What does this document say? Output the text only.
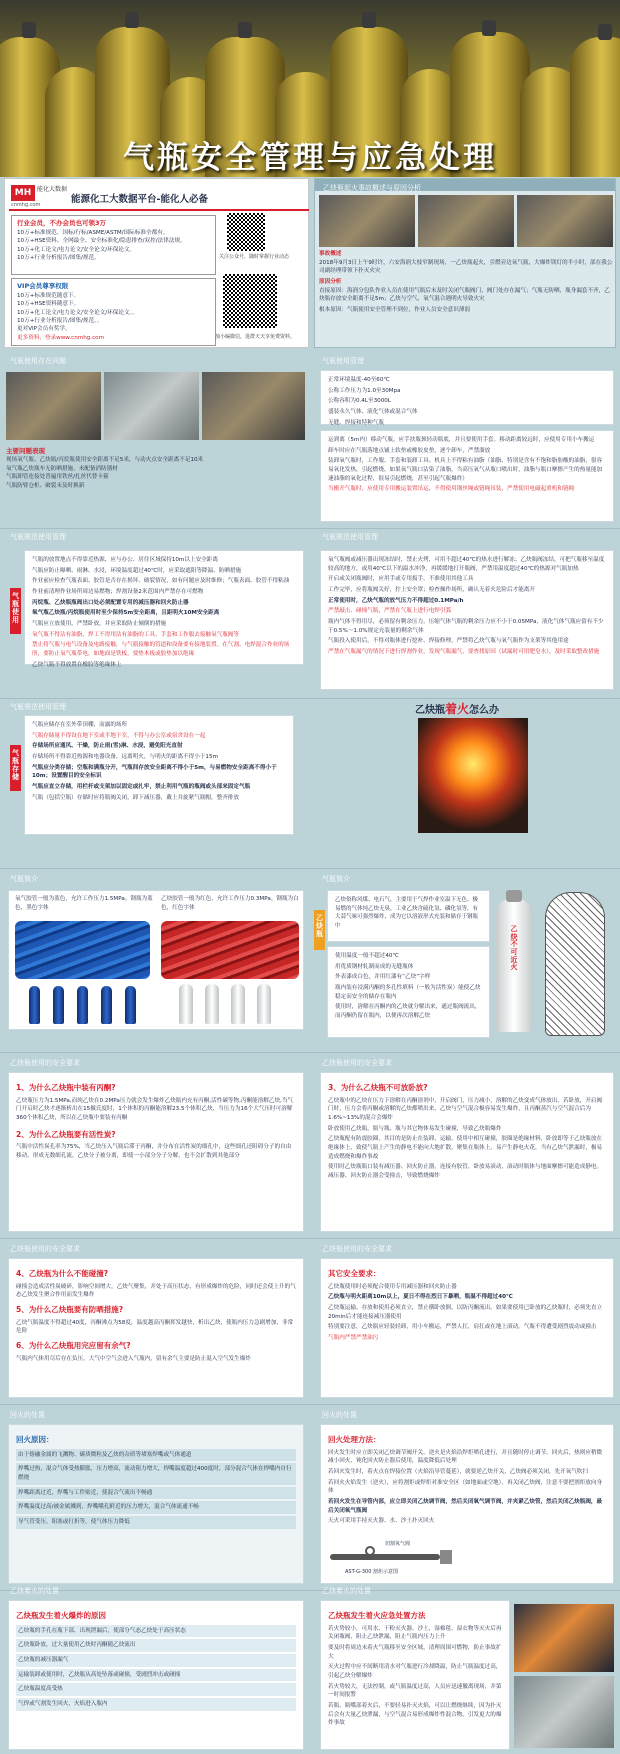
气瓶安全管理与应急处理
MH 能化大数据
cnmhg.com	能源化工大数据平台-能化人必备
行业会员，不办会员也可领3万
10万+标准规范、国标/行标/ASME/ASTM/国际标准全都有。
10万+HSE资料、全网最全、安全标准化/隐患排查/双控/法律法规。
10万+化工论文/电力论文/安全论文/环保论文。
10万+行业分析报告/图集/规范。
VIP会员尊享权限
10万+标准规范随意下。
10万+HSE资料随意下。
10万+化工论文/电力论文/安全论文/环保论文。。
10万+行业分析报告/图集/规范。。
更对VIP会员有奖学。
更多资料，登录www.cnmhg.com
关注公众号，随时掌握行业动态
加小编微信，进群天天享免费资料。
乙炔瓶起火事故概述与原因分析
事故概述
2018年9月3日上午9时许，六安海润大枝窄制现场，一乙炔瓶起火，引燃旁边氧气瓶，大爆炸镁灯的半小时，部在我公司副经理带领下扑灭火灾
原因分析
直接原因：海润分包队作业人员在使用气瓶后未及时关闭气瓶阀门，阀门处存在漏气；气瓶无防晒、瓶身漏套不齐，乙炔瓶存放安全距离不足5m；乙炔与空气、氧气混合遇明火导致火灾
根本原因：气瓶使用安全管理不到位，作业人员安全意识薄弱
气瓶使用存在问题
主要问题表现
现场氧气瓶、乙炔瓶/丙烷瓶使用安全距离不足5米，与动火点安全距离不足10米
氧气瓶乙炔瓶车无防晒措施、未配备消防器材
气瓶卸管连接处普遍用铁丝/扎丝代替卡箍
气瓶防臂仓柜、破裂未及时换新
气瓶使用管理

正常环境温度-40至60℃

公称工作压力为1.0至30Mpa

公称容积为0.4L至3000L

盛装永久气体、液化气体或混合气体

无缝、焊接和特种气瓶

运到离（5m内）移动气瓶，应手扶瓶颈轻动瓶底，并且要使用手套。移动距离较远时，应使用专用小车搬运

卸车时应在气瓶落地点铺上软垫或橡胶皮垫，逐个卸车，严禁溜放

装卸氧气瓶时，工作服、手套和装卸工具、机具上不得粘有油脂（油脂、特别是含有不饱和脂肪酸的油脂，很容易氧化发热，引起燃烧，如果氧气瓶口沾染了油脂，当高压氧气从瓶口喷出时，油脂与瓶口摩擦产生的热量能加速油脂的氧化过程，很易引起燃烧，甚至引起气瓶爆炸）

当搬开气瓶时，应使用专用搬运装置吊运，不得使用钢丝绳或链绳吊装，严禁使用电磁起重机和链绳

气瓶规范使用管理
气瓶使用

气瓶的放置地点不得靠近热源，应与办公、居住区域保持10m以上安全距离

气瓶应防止曝晒、雨淋、水浸，环境温度超过40℃时，应采取遮阳等降温、防晒措施

作业前应检查气瓶表面、胶管是否存在损坏、破裂情况，如有问题应及时维修；气瓶表面、胶管不得粘油

作业前清理作业场所周边易燃物；焊割设备2米范围内严禁存在可燃物

丙烷瓶、乙炔瓶瓶阀出口处必须配置专用的减压器和回火防止器

氧气瓶乙炔瓶/丙烷瓶使用时至少保持5m安全距离，且距明火10M安全距离

气瓶应立放使用，严禁卧放，并应采取防止倾倒的措施

氧气瓶不得沾有油脂，焊工不得用沾有油脂的工具、手套和工作服去接触氧气瓶阀等

禁止将气瓶与电气设备及电路接触，与气瓶接触的管道和设备要有接地装置。在气割、电焊混合作业的场所，要防止氧气瓶带电，如地面是铁板，要垫木板或胶垫加以绝缘

乙炔气瓶不得放置在橡胶等绝缘体上

气瓶规范使用管理

氧气瓶阀或减压器出现冻结时，禁止火烤，可用不超过40℃的热水进行解冻；乙炔瓶阀冻结，可把气瓶移至温度较高的地方，或用40℃以下的温水冲净，再缓缓地打开瓶阀，严禁用温度超过40℃的热源对气瓶加热

开启或关闭瓶阀时，应用手或专用扳手，不准使用其他工具

工作完毕，应将瓶阀关好，拧上安全罩；检查操作场所，确认无着火危险后才能离开

正常使用时，乙炔气瓶的放气压力不得超过0.1MPa/h

严禁敲击、碰撞气瓶，严禁在气瓶上进行电焊引弧

瓶内气体不得用尽，必须留有剩余压力。压缩气体气瓶的剩余压力应不小于0.05MPa，液化气体气瓶应留有不少于0.5%～1.0%规定充装量的剩余气体

气瓶投入使用后，不得对瓶体进行挖补、焊接修理，严禁将乙炔气瓶与氧气瓶作为支架等其他用途

严禁在气瓶漏气的情况下进行焊割作业，发现气瓶漏气，要查找原因（试漏时可用肥皂水），及时采取整改措施

气瓶规范使用管理
气瓶存储

气瓶应储存在室外带顶棚、而露的场所

气瓶存储量不得设在地下室或半地下室，不得与办公室或宿舍设在一起

存储场所应通风、干燥，防止雨(雪)淋、水浸，避免阳光直射

存储场所不得靠近热源和电器设备，远离明火，与明火的距离不得小于15m

气瓶应分类存储；空瓶和满瓶分开，气瓶间存放安全距离不得小于5m，与易燃物安全距离不得小于10m；设置醒目的安全标识

气瓶应直立存储，用栏杆或支架加以固定或扎牢，禁止利用气瓶的瓶阀或头部来固定气瓶

气瓶（包括空瓶）存储时应将瓶阀关闭，卸下减压器，戴上并旋紧气瓶帽，整齐排放

乙炔瓶着火怎么办
气瓶简介
氧气胶管一般为蓝色，允许工作压力1.5MPa。钢瓶为蓝色，黑色字体
乙炔胶管一般为红色，允许工作压力0.3MPa。钢瓶为白色，红色字体
气瓶简介
乙炔瓶
乙炔俗称风煤、电石气，主要用于气焊作业室温下无色、极易燃的气体纯乙炔无臭，工业乙炔含硫化氢、磷化氢等，有大蒜气味可强烈爆炸，成为它以溶液形式充装和储存于钢瓶中

使用温度一般不超过40℃

用优质钢材轧制而成的无缝瓶体

外表漆成白色，并用红漆有“乙炔”字样

瓶内装有浸满丙酮的多孔性填料（一般为活性炭）能使乙炔稳定而安全的储存在瓶内

使用时，溶解在丙酮内的乙炔就分解出来，通过瓶阀流出，而丙酮仍留在瓶内，以便再次溶解乙炔

乙炔 不可近火
乙炔瓶使用的安全要求
1、为什么乙炔瓶中装有丙酮?

乙炔瓶压力为1.5MPa,而纯乙炔在0.2MPa压力就会发生爆炸乙炔瓶内充有丙酮,活性碳等物,丙酮能溶解乙炔,当气门开启时乙炔才逐渐析出在15摄氏度时，1个体积的丙酮能溶解23.5个体积乙炔，当压力为16个大气压时可溶解360个体积乙炔，所以在乙炔瓶中要装有丙酮

2、为什么乙炔瓶要有活性炭?

气瓶中活性炭孔率为75%，当乙炔压入气瓶后滞于丙酮，并分布在活性炭的细孔中，这些细孔还阻碍分子的自由移动，形成无数细孔流，乙炔分子被分离，即使一小部分分子分解，也不会扩散到其他部分

乙炔瓶使用的安全要求
3、为什么乙炔瓶不可放卧放?

乙炔瓶中的乙炔在压力下溶解在丙酮溶剂中，开启阀门，压力减小，溶解的乙炔变成气体放出，若卧放，开启阀门时，压力会将丙酮或溶解的乙炔都喷出来，乙炔与空气混合极容易发生爆炸，且丙酮蒸汽与空气混合后为1.6%~13%的混合会爆炸

卧放使用乙炔瓶，瓶与瓶、瓶与其它物体易发生碰撞，导致乙炔瓶爆炸

乙炔瓶配有防震胶圈，其目的是防止在装卸、运输、使用中相互碰撞，胶圈是绝缘材料，卧放即等于乙炔瓶放在绝缘体上，致使气瓶上产生的静电不能向大地扩散，聚集在瓶体上，易产生静电火花，当有乙炔气泄漏时，极易造成燃烧和爆炸事故

使用时乙炔瓶瓶口装有减压器、回火防止器，连接有胶管，卧放易滚动，滚动时瓶体与地面摩擦可能造成静电。减压器、回火防止器会受撞击，导致燃烧爆炸

乙炔瓶使用的安全要求
4、乙炔瓶为什么不能碰撞?

碰撞会造成活性炭破碎，影响空间增大，乙炔气聚集，并处于高压状态，有形成爆炸的危险，同时还会使上升的气态乙炔发生聚合作用而发生爆炸

5、为什么乙炔瓶要有防晒措施?

乙炔气瓶温度不得超过40度，丙酮沸点为58度，温度越高丙酮挥发越快，析出乙炔，使瓶内压力急剧增加，非常危险

6、为什么乙炔瓶用完应留有余气?

气瓶内气体用尽后存在负压，大气中空气会进入气瓶内，留有余气主要是防止混入空气发生爆炸

乙炔瓶使用的安全要求
其它安全要求：

乙炔瓶使用时必须配合使用专用减压器和回火防止器

乙炔瓶与明火距离10m以上，夏日不得在烈日下暴晒，瓶温不得超过40℃

乙炔瓶运输、存放和使用必须直立，禁止横卧放倒，以防丙酮流出。如果要使用已卧放的乙炔瓶时，必须先直立20min后才能连接减压器使用

特别要注意，乙炔瓶应轻装轻卸，用小车搬运，严禁人扛，肩扛或在地上滚动。气瓶不得遭受剧烈震动或撞击

气瓶内严禁严禁油污

回火的处置
回火原因：

由于熔融金属的飞溅物、碳质微粒及乙炔的杂质等堵塞焊嘴或气体通道

焊嘴过热，混合气体受热膨胀，压力增高，流动阻力增大，焊嘴温度超过400度时，部分混合气体在焊嘴内自行燃烧

焊嘴距离过近，焊嘴与工件贴近，使混合气流出不畅通

焊嘴温度过高/被金属溅到，焊嘴嘴孔附近的压力增大，混合气体流通不畅

导气管受压，阻塞或打折等，使气体压力降低

回火的处置
回火处理方法：

回火发生时应立即关闭乙炔调节阀开关，逆火是火焰沿焊炬喷孔进行，并且随时停止调节。回火后，热则应稍微减小回火，钝化回火防止器后使用，温度降低后处理

若回火发生时，着火点在焊接位置（火焰沿导管蔓延），就要逆乙炔开关，乙炔阀必须关闭，先开氧气吹扫

若回火火焰发生（逆火），应将割炬或焊炬对准安全区（如地面或空地），再关闭乙炔阀，注意不要把割炬放向身体

若回火发生在导管内部，应立即关闭乙炔调节阀，然后关闭氧气调节阀，并夹紧乙炔管，然后关闭乙炔瓶阀，最后关闭氧气瓶阀

天火可采用手持灭火器、水、沙土扑灭回火

切割氧气阀
AST-G-300 割炬示意图
乙炔着火的处置
乙炔瓶发生着火爆炸的原因

乙炔瓶的手孔在瓶下部，出现泄漏后，使部分气态乙炔处于高压状态

乙炔瓶卧放，过大量使用乙炔时丙酮随乙炔流出

乙炔瓶的减压器漏气

运输装卸或使用时，乙炔瓶从高处坠落或碰撞，受剧烈冲击或碰撞

乙炔瓶温度高受热

气焊或气割发生回火，火焰进入瓶内

乙炔着火的处置
乙炔瓶发生着火应急处置方法

若火势较小，可用水、干粉灭火器、沙土，湿棉毯、湿衣物等灭火后再关闭瓶阀，阻止乙炔泄漏，阻止气瓶内压力上升

要及时将周边未着火气瓶移至安全区域，清理周围可燃物，防止事故扩大

灭火过程中应不间断用清水对气瓶进行冷却降温，防止气瓶温度过高，引起乙炔分解爆炸

若火势较大，无法控制，或气瓶温度过高，人员应迅速撤离现场，并第一时间报警

若瓶、瓶嘴部着火后，不要轻易扑灭火焰，可以让燃烧继续，因为扑灭后会有大量乙炔泄漏，与空气混合易形成爆炸性混合物，引发更大的爆炸事故
